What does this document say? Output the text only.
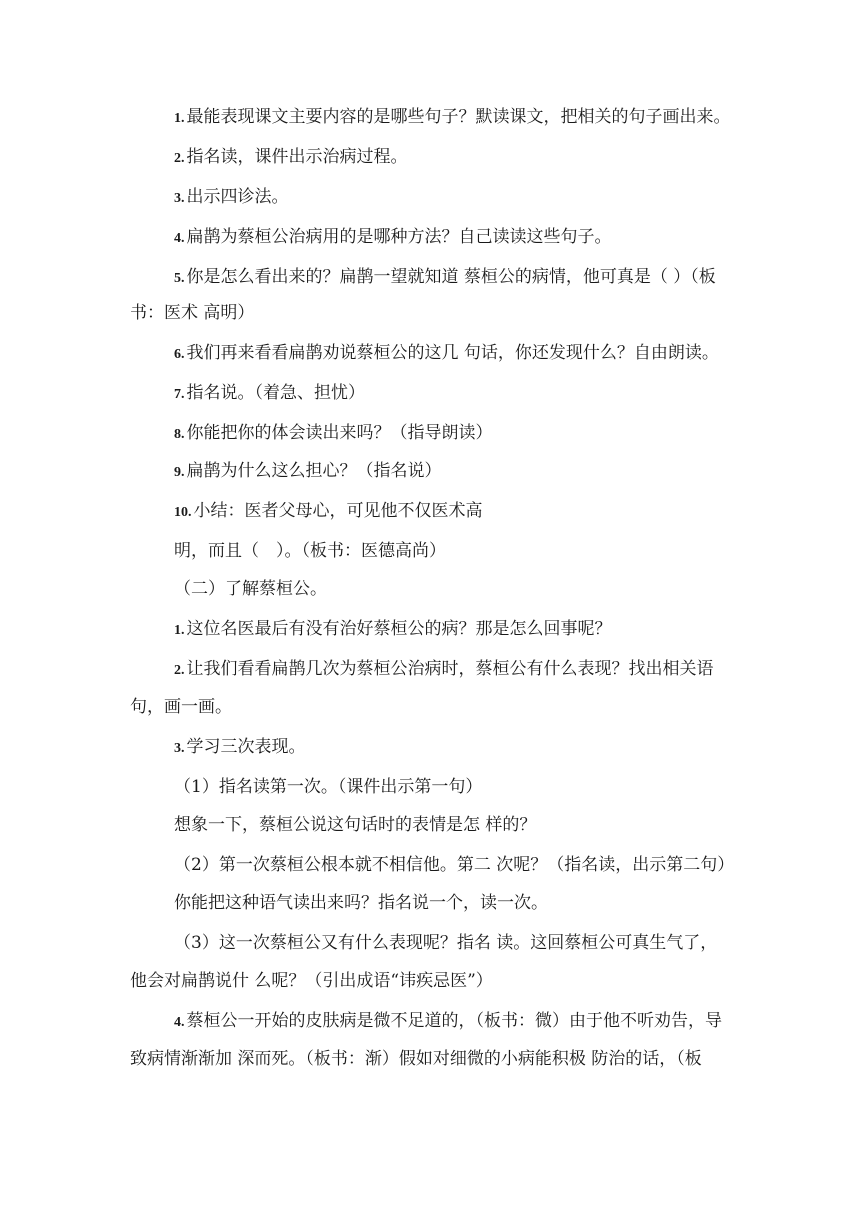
1. 最能表现课文主要内容的是哪些句子？默读课文，把相关的句子画出来。
2. 指名读，课件出示治病过程。
3. 出示四诊法。
4. 扁鹊为蔡桓公治病用的是哪种方法？自己读读这些句子。
5. 你是怎么看出来的？扁鹊一望就知道 蔡桓公的病情，他可真是（ ）（板
书：医术 高明）
6. 我们再来看看扁鹊劝说蔡桓公的这几 句话，你还发现什么？自由朗读。
7. 指名说。（着急、担忧）
8. 你能把你的体会读出来吗？（指导朗读）
9. 扁鹊为什么这么担心？（指名说）
10. 小结：医者父母心，可见他不仅医术高
明，而且（　）。（板书：医德高尚）
（二）了解蔡桓公。
1. 这位名医最后有没有治好蔡桓公的病？那是怎么回事呢？
2. 让我们看看扁鹊几次为蔡桓公治病时，蔡桓公有什么表现？找出相关语
句，画一画。
3. 学习三次表现。
（1）指名读第一次。（课件出示第一句）
想象一下，蔡桓公说这句话时的表情是怎 样的？
（2）第一次蔡桓公根本就不相信他。第二 次呢？（指名读，出示第二句）
你能把这种语气读出来吗？指名说一个，读一次。
（3）这一次蔡桓公又有什么表现呢？指名 读。这回蔡桓公可真生气了，
他会对扁鹊说什 么呢？（引出成语“讳疾忌医”）
4. 蔡桓公一开始的皮肤病是微不足道的，（板书：微）由于他不听劝告，导
致病情渐渐加 深而死。（板书：渐）假如对细微的小病能积极 防治的话，（板
